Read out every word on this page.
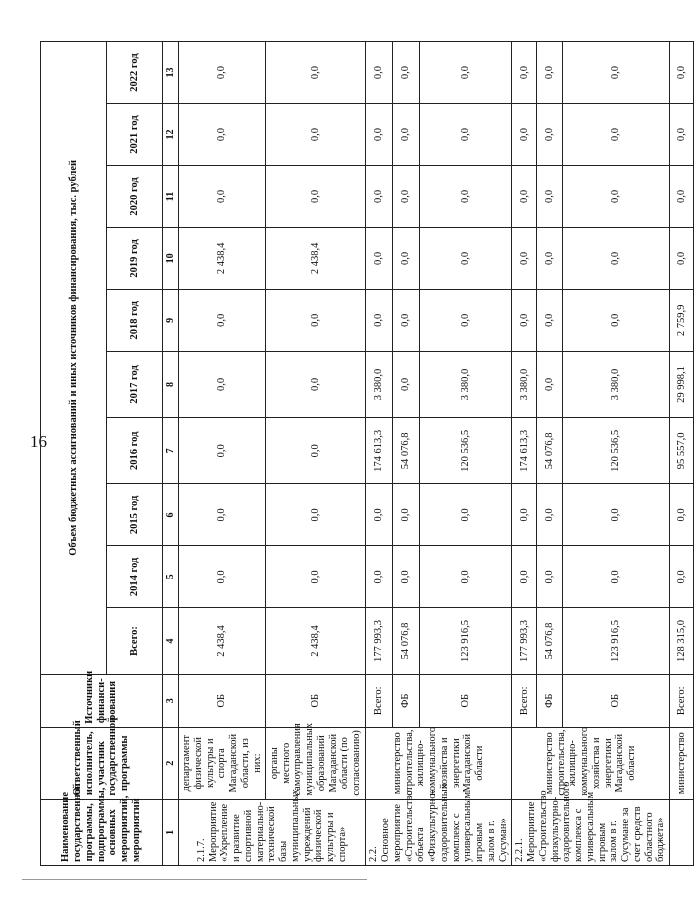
16
Наименование государственной программы, подпрограммы, основных мероприятий, мероприятий	Ответственный исполнитель, участник государственной программы	Источники финанси-рования	Объем бюджетных ассигнований и иных источников финансирования, тыс. рублей									
			Всего:	2014 год	2015 год	2016 год	2017 год	2018 год	2019 год	2020 год	2021 год	2022 год
1	2	3	4	5	6	7	8	9	10	11	12	13
2.1.7. Мероприятие «Укрепление и развитие спортивной материально-технической базы муниципальных учреждений физической культуры и спорта»	департамент физической культуры и спорта Магаданской области, из них:	ОБ	2 438,4	0,0	0,0	0,0	0,0	0,0	2 438,4	0,0	0,0	0,0
	органы местного самоуправления муниципальных образований Магаданской области (по согласованию)	ОБ	2 438,4	0,0	0,0	0,0	0,0	0,0	2 438,4	0,0	0,0	0,0
2.2. Основное мероприятие «Строительство объекта «Физкультурно-оздоровительный комплекс с универсальным игровым залом в г. Сусуман»	министерство строительства, жилищно-коммунального хозяйства и энергетики Магаданской области	Всего:	177 993,3	0,0	0,0	174 613,3	3 380,0	0,0	0,0	0,0	0,0	0,0
		ФБ	54 076,8	0,0	0,0	54 076,8	0,0	0,0	0,0	0,0	0,0	0,0
		ОБ	123 916,5	0,0	0,0	120 536,5	3 380,0	0,0	0,0	0,0	0,0	0,0
2.2.1. Мероприятие «Строительство физкультурно-оздоровительного комплекса с универсальным игровым залом в г. Сусумане за счет средств областного бюджета»	министерство строительства, жилищно-коммунального хозяйства и энергетики Магаданской области	Всего:	177 993,3	0,0	0,0	174 613,3	3 380,0	0,0	0,0	0,0	0,0	0,0
		ФБ	54 076,8	0,0	0,0	54 076,8	0,0	0,0	0,0	0,0	0,0	0,0
		ОБ	123 916,5	0,0	0,0	120 536,5	3 380,0	0,0	0,0	0,0	0,0	0,0
	министерство	Всего:	128 315,0	0,0	0,0	95 557,0	29 998,1	2 759,9	0,0	0,0	0,0	0,0
